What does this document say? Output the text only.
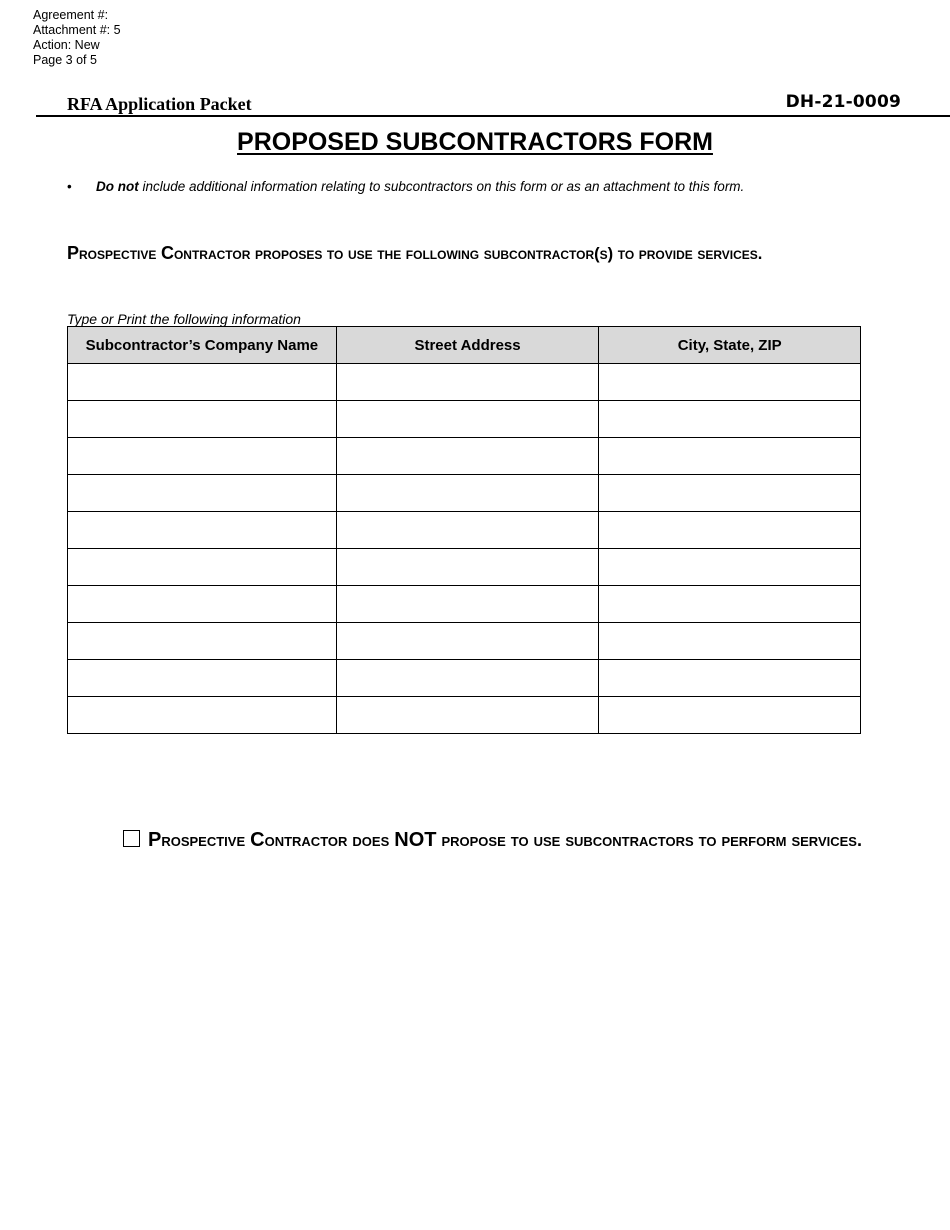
Agreement #:
Attachment #: 5
Action: New
Page 3 of 5
RFA Application Packet	DH-21-0009
PROPOSED SUBCONTRACTORS FORM
• Do not include additional information relating to subcontractors on this form or as an attachment to this form.
Prospective Contractor proposes to use the following subcontractor(s) to provide services.
Type or Print the following information
Subcontractor’s Company Name	Street Address	City, State, ZIP

Prospective Contractor does NOT propose to use subcontractors to perform services.
